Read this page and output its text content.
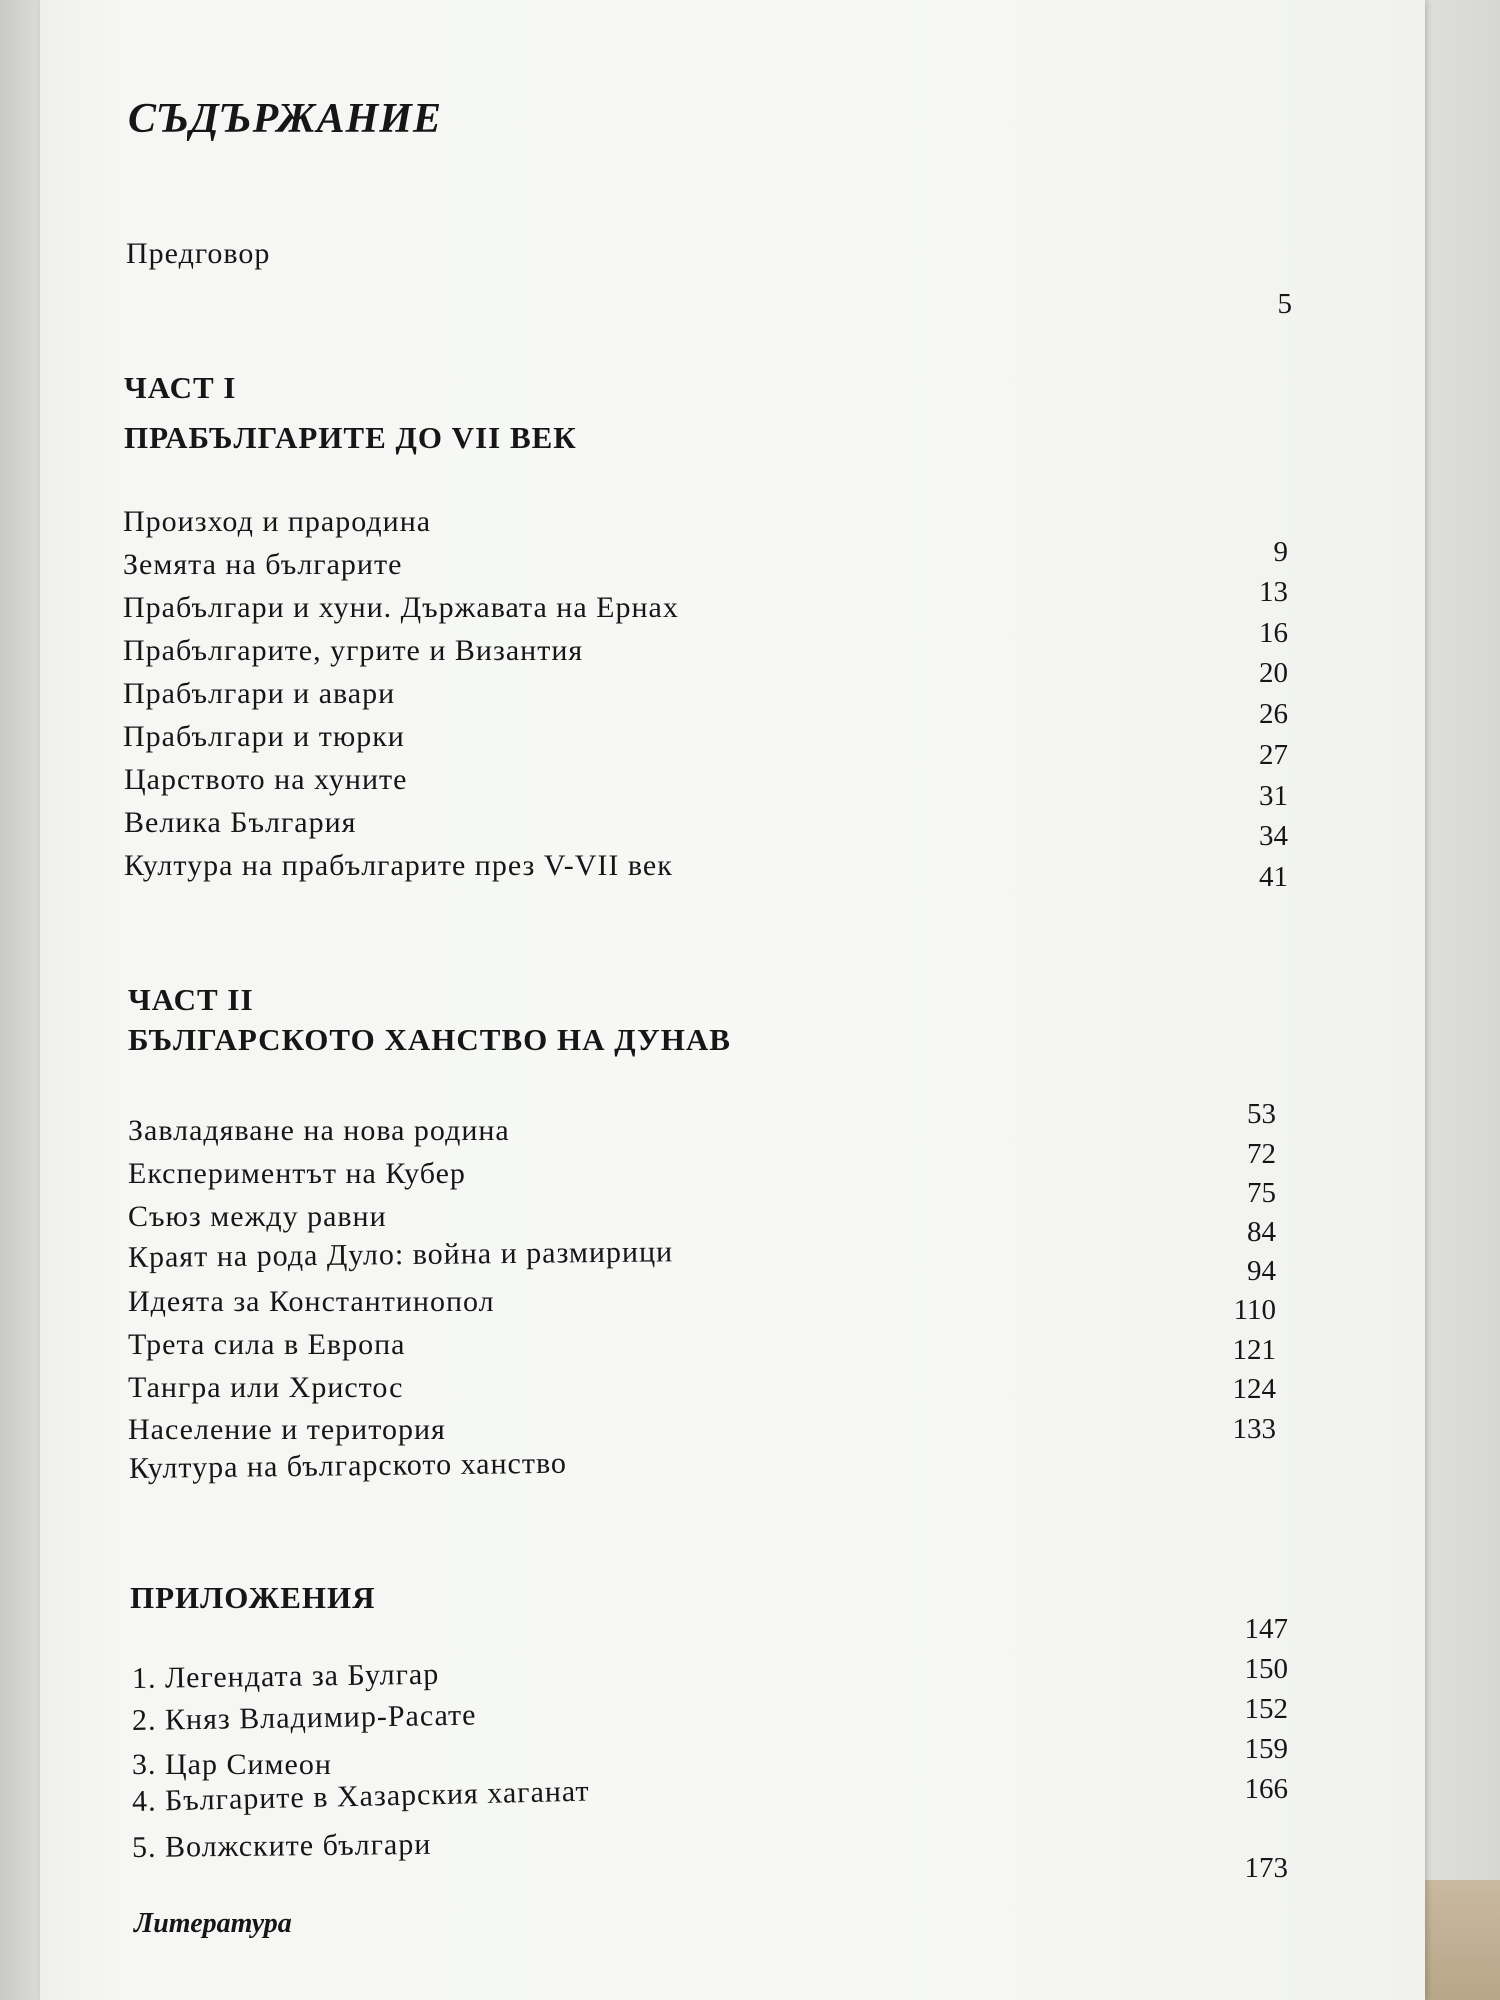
СЪДЪРЖАНИЕ
Предговор
5
ЧАСТ I
ПРАБЪЛГАРИТЕ ДО VII ВЕК
Произход и прародина
Земята на българите
Прабългари и хуни. Държавата на Ернах
Прабългарите, угрите и Византия
Прабългари и авари
Прабългари и тюрки
Царството на хуните
Велика България
Култура на прабългарите през V-VII век
9
13
16
20
26
27
31
34
41
ЧАСТ II
БЪЛГАРСКОТО ХАНСТВО НА ДУНАВ
Завладяване на нова родина
Експериментът на Кубер
Съюз между равни
Краят на рода Дуло: война и размирици
Идеята за Константинопол
Трета сила в Европа
Тангра или Христос
Население и територия
Култура на българското ханство
53
72
75
84
94
110
121
124
133
ПРИЛОЖЕНИЯ
1. Легендата за Булгар
2. Княз Владимир-Расате
3. Цар Симеон
4. Българите в Хазарския хаганат
5. Волжските българи
147
150
152
159
166
173
Литература
